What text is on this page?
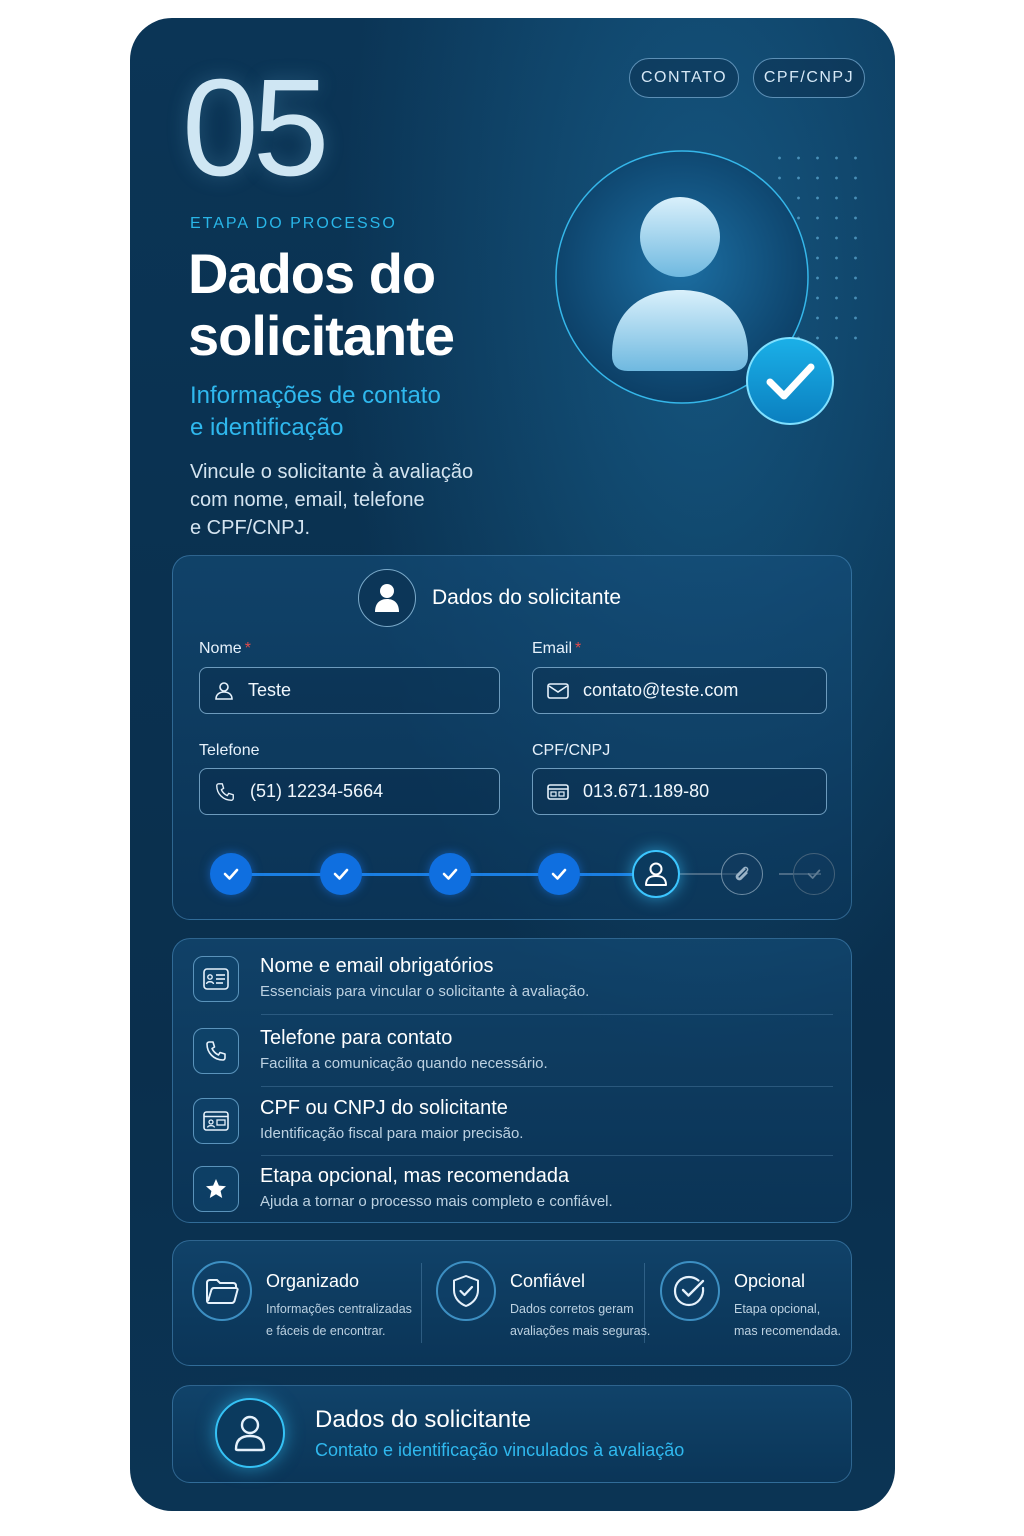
CONTATO	CPF/CNPJ
05
ETAPA DO PROCESSO
Dados do
solicitante
Informações de contato
e identificação
Vincule o solicitante à avaliação
com nome, email, telefone
e CPF/CNPJ.
Dados do solicitante
Nome *
Teste
Email *
contato@teste.com
Telefone
(51) 12234-5664
CPF/CNPJ
013.671.189-80
Nome e email obrigatórios
Essenciais para vincular o solicitante à avaliação.
Telefone para contato
Facilita a comunicação quando necessário.
CPF ou CNPJ do solicitante
Identificação fiscal para maior precisão.
Etapa opcional, mas recomendada
Ajuda a tornar o processo mais completo e confiável.
Organizado
Informações centralizadas
e fáceis de encontrar.
Confiável
Dados corretos geram
avaliações mais seguras.
Opcional
Etapa opcional,
mas recomendada.
Dados do solicitante
Contato e identificação vinculados à avaliação
